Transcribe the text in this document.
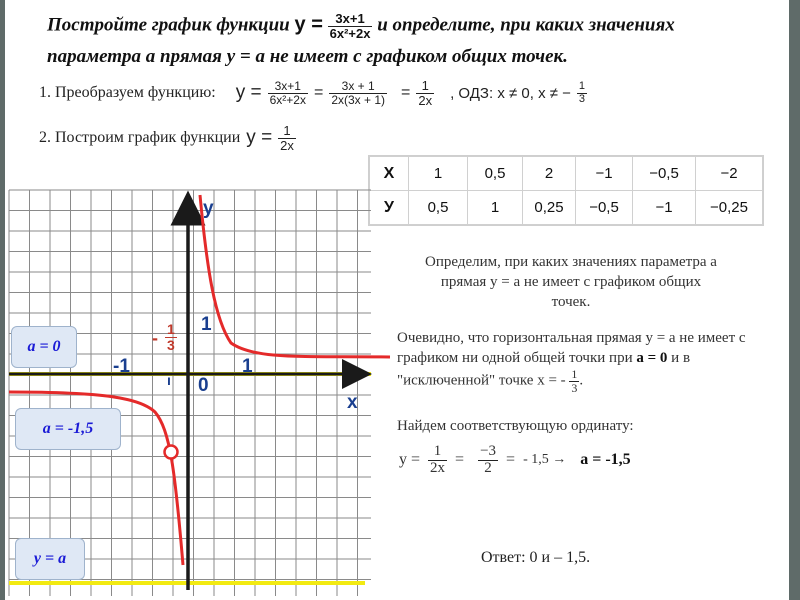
Постройте график функции $y = \frac{3x+1}{\text{6x²+2x}}$ и определите, при каких значениях
параметра a прямая y = a не имеет с графиком общих точек.
1. Преобразуем функцию: $y = \frac{3x+1}{\text{6x²+2x}} = \frac{3x + 1}{2x(3x + 1)} = \frac{1}{2x}$ , ОДЗ: x ≠ 0, x ≠ − $\frac{1}{3}$
2. Построим график функции $y = \frac{1}{2x}$
X	1	0,5	2	−1	−0,5	−2
У	0,5	1	0,25	−0,5	−1	−0,25
y
x
1
-1	1
0
- $\frac{1}{3}$
ı
a = 0
a = -1,5
y = a
Определим, при каких значениях параметра a прямая y = a не имеет с графиком общих точек.
Очевидно, что горизонтальная прямая y = a не имеет с графиком ни одной общей точки при a = 0 и в "исключенной" точке x = - $\frac{1}{3}$ .
Найдем соответствующую ординату:
$y = \frac{1}{2x} = \frac{-3}{2}$ = - 1,5 → a = -1,5
Ответ: 0 и – 1,5.
